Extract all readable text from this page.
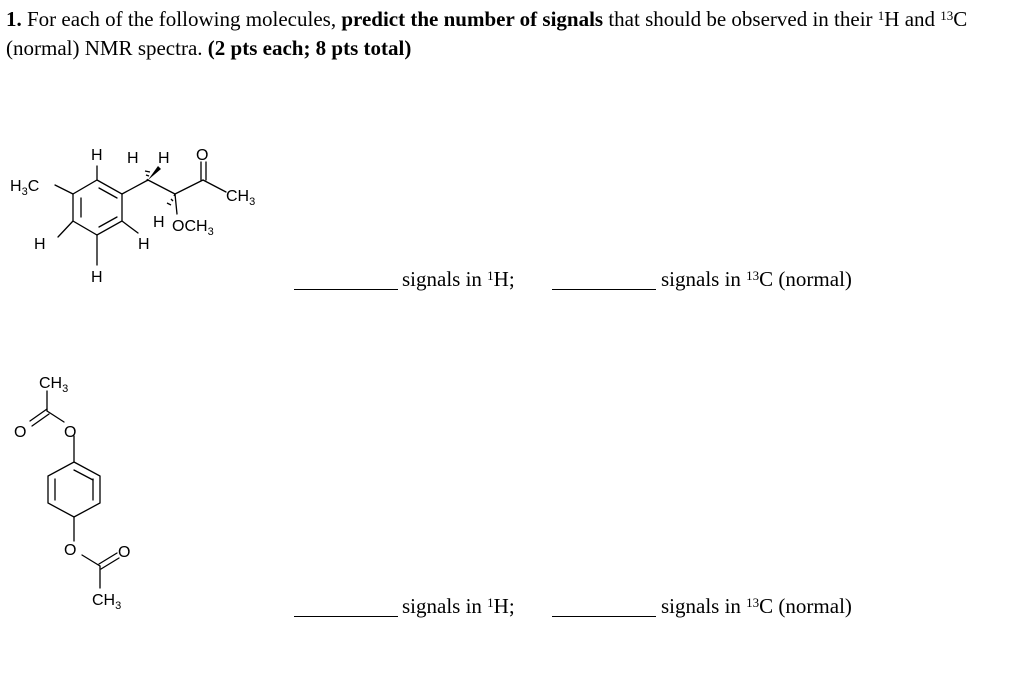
1. For each of the following molecules, predict the number of signals that should be observed in their $^1$H and $^{13}$C (normal) NMR spectra. (2 pts each; 8 pts total)
$H_3C$
H H H O
$CH_3$
H $OCH_3$
H
H
H
$CH_3$
O O
O	O
$CH_3$
signals in $^1$H;	signals in $^{13}$C (normal)
signals in $^1$H;	signals in $^{13}$C (normal)
